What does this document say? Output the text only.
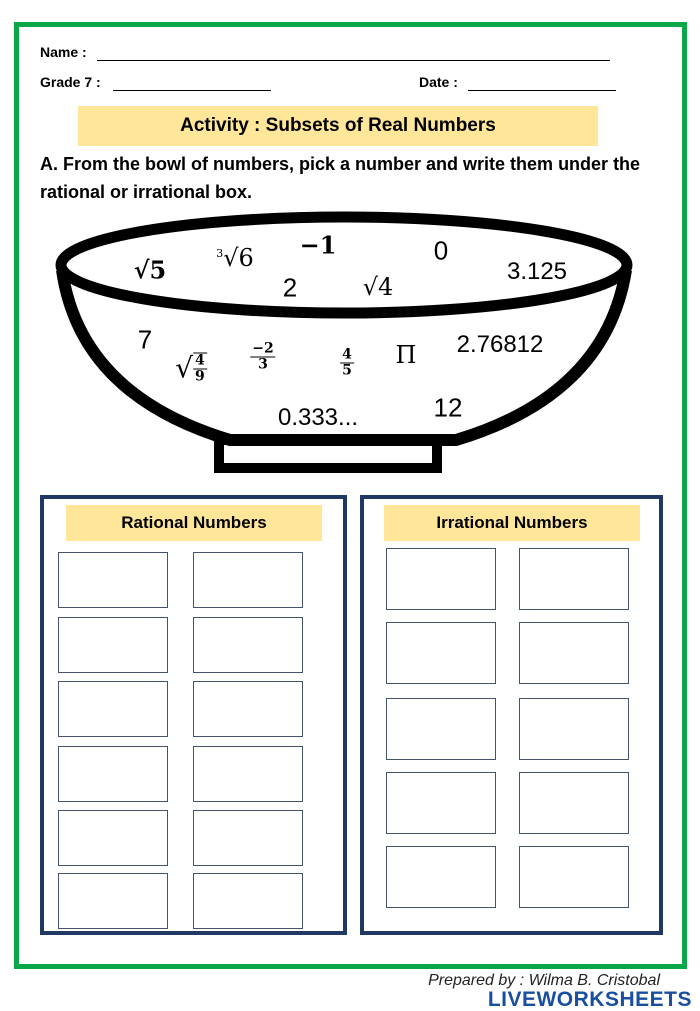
Name :
Grade 7 :	Date :
Activity : Subsets of Real Numbers
A. From the bowl of numbers, pick a number and write them under the rational or irrational box.
√5
$^3$√6 −1	0
3.125
2	√4
7
√ $\frac{4}{9}$	$\frac{-2}{3}$	$\frac{4}{5}$ Π 2.76812
12
0.333...
Rational Numbers	Irrational Numbers
Prepared by : Wilma B. Cristobal
LIVEWORKSHEETS
